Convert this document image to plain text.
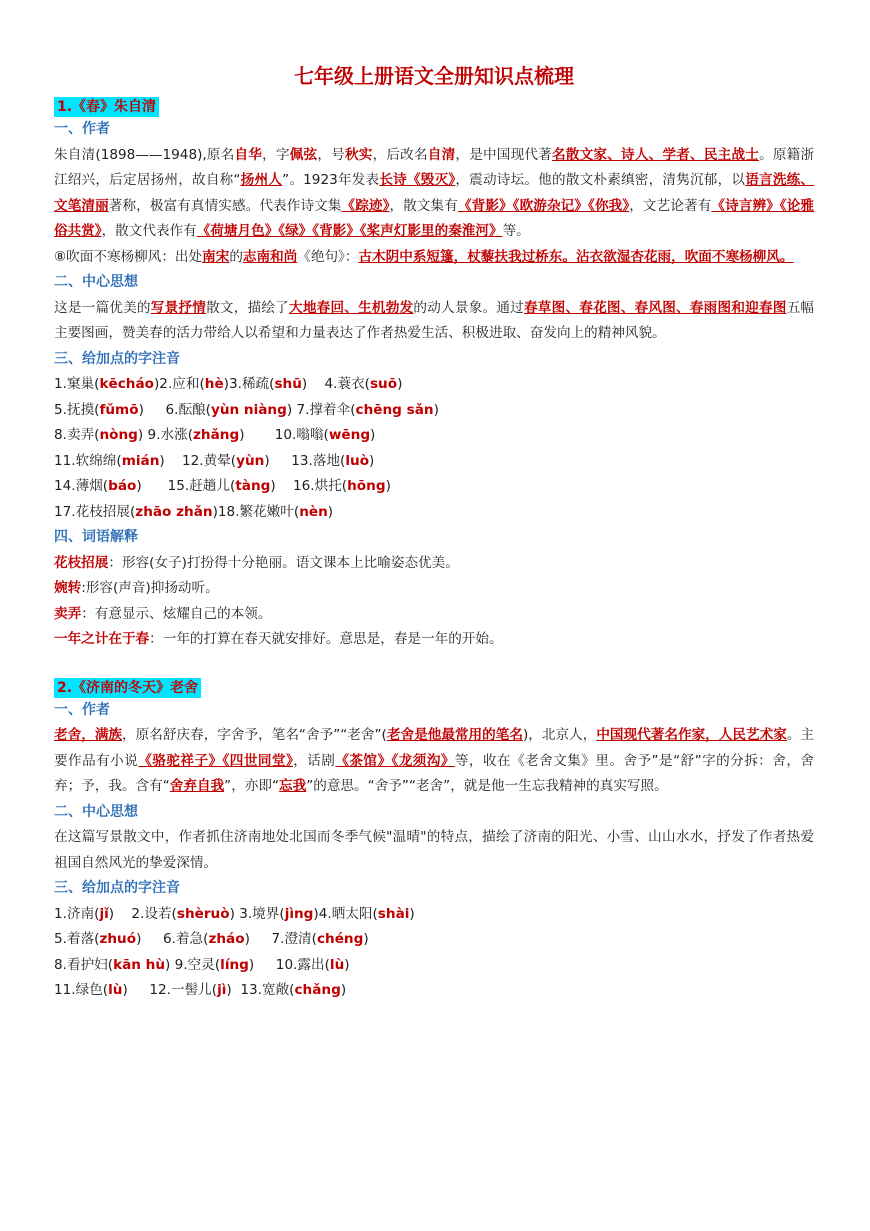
七年级上册语文全册知识点梳理
1.《春》朱自清
一、作者
朱自清(1898——1948),原名自华，字佩弦，号秋实，后改名自清，是中国现代著名散文家、诗人、学者、民主战士。原籍浙江绍兴，后定居扬州，故自称“扬州人”。1923年发表长诗《毁灭》，震动诗坛。他的散文朴素缜密，清隽沉郁，以语言洗练、文笔清丽著称，极富有真情实感。代表作诗文集《踪迹》，散文集有《背影》《欧游杂记》《你我》，文艺论著有《诗言辨》《论雅俗共赏》，散文代表作有《荷塘月色》《绿》《背影》《桨声灯影里的秦淮河》等。
⑧吹面不寒杨柳风：出处南宋的志南和尚《绝句》：古木阴中系短篷，杖藜扶我过桥东。沾衣欲湿杏花雨，吹面不寒杨柳风。
二、中心思想
这是一篇优美的写景抒情散文，描绘了大地春回、生机勃发的动人景象。通过春草图、春花图、春风图、春雨图和迎春图五幅主要图画，赞美春的活力带给人以希望和力量表达了作者热爱生活、积极进取、奋发向上的精神风貌。
三、给加点的字注音
1.窠巢(kēcháo)2.应和(hè)3.稀疏(shū)    4.蓑衣(suō)
5.抚摸(fǔmō)     6.酝酿(yùn niàng) 7.撑着伞(chēng sǎn)
8.卖弄(nòng) 9.水涨(zhǎng)       10.嗡嗡(wēng)
11.软绵绵(mián)    12.黄晕(yùn)     13.落地(luò)
14.薄烟(báo)      15.赶趟儿(tàng)    16.烘托(hōng)
17.花枝招展(zhāo zhǎn)18.繁花嫩叶(nèn)
四、词语解释
花枝招展：形容(女子)打扮得十分艳丽。语文课本上比喻姿态优美。
婉转:形容(声音)抑扬动听。
卖弄：有意显示、炫耀自己的本领。
一年之计在于春：一年的打算在春天就安排好。意思是，春是一年的开始。
2.《济南的冬天》老舍
一、作者
老舍，满族，原名舒庆春，字舍予，笔名“舍予”“老舍”(老舍是他最常用的笔名)，北京人，中国现代著名作家，人民艺术家。主要作品有小说《骆驼祥子》《四世同堂》，话剧《茶馆》《龙须沟》等，收在《老舍文集》里。舍予”是“舒”字的分拆：舍，舍弃；予，我。含有“舍弃自我”，亦即“忘我”的意思。“舍予”“老舍”，就是他一生忘我精神的真实写照。
二、中心思想
在这篇写景散文中，作者抓住济南地处北国而冬季气候"温晴"的特点，描绘了济南的阳光、小雪、山山水水，抒发了作者热爱祖国自然风光的挚爱深情。
三、给加点的字注音
1.济南(jǐ)    2.设若(shèruò) 3.境界(jìng)4.晒太阳(shài)
5.着落(zhuó)     6.着急(zháo)     7.澄清(chéng)
8.看护妇(kān hù) 9.空灵(líng)     10.露出(lù)
11.绿色(lù)     12.一髻儿(jì)  13.宽敞(chǎng)
